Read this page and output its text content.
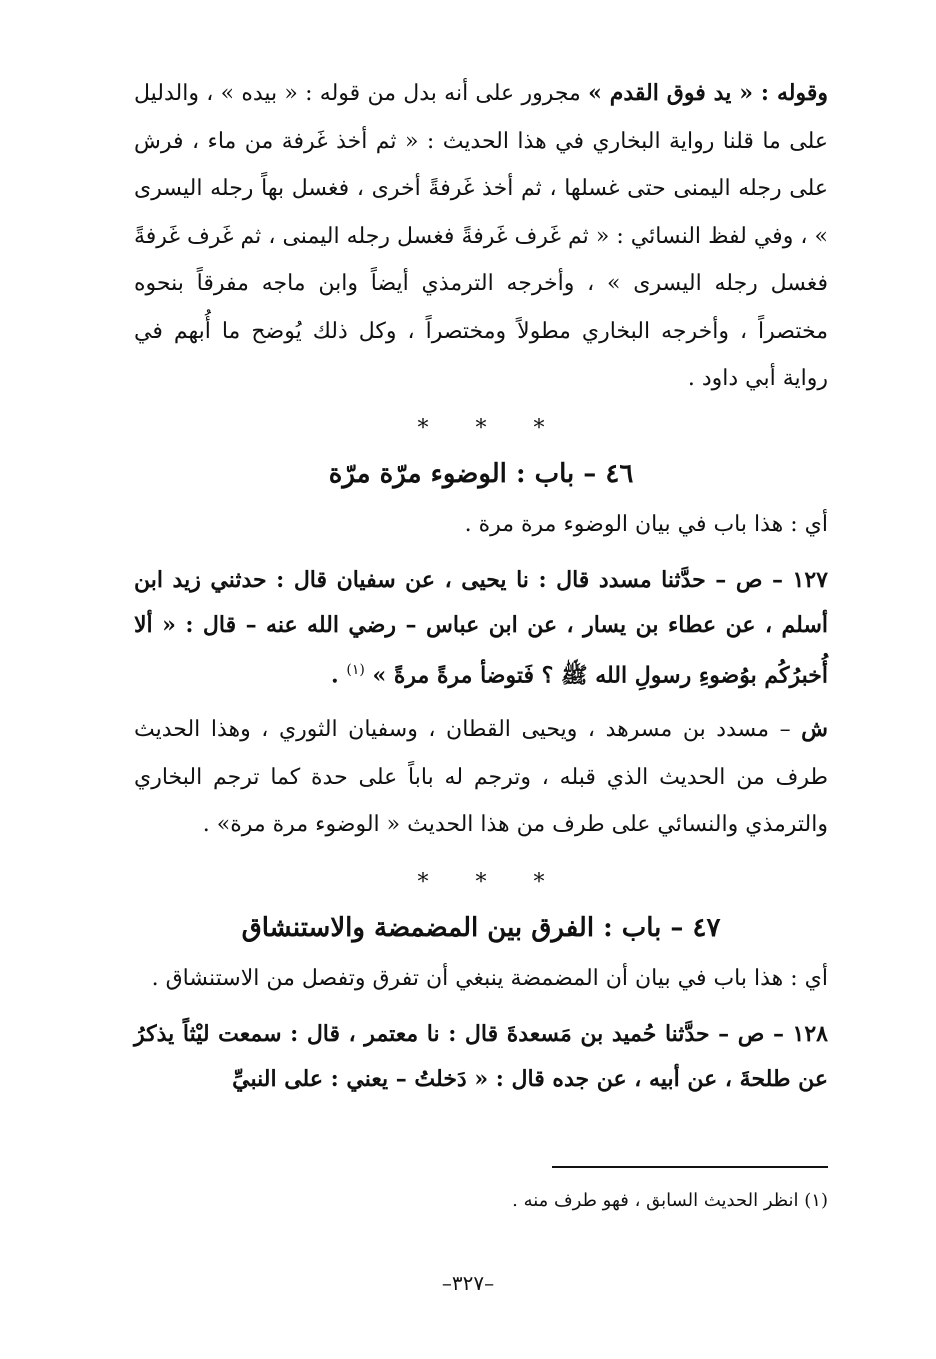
وقوله : « يد فوق القدم » مجرور على أنه بدل من قوله : « بيده » ، والدليل على ما قلنا رواية البخاري في هذا الحديث : « ثم أخذ غَرفة من ماء ، فرش على رجله اليمنى حتى غسلها ، ثم أخذ غَرفةً أخرى ، فغسل بهاً رجله اليسرى » ، وفي لفظ النسائي : « ثم غَرف غَرفةً فغسل رجله اليمنى ، ثم غَرف غَرفةً فغسل رجله اليسرى » ، وأخرجه الترمذي أيضاً وابن ماجه مفرقاً بنحوه مختصراً ، وأخرجه البخاري مطولاً ومختصراً ، وكل ذلك يُوضح ما أُبهم في رواية أبي داود .

* * *
٤٦ – باب : الوضوء مرّة مرّة

أي : هذا باب في بيان الوضوء مرة مرة .

١٢٧ – ص – حدَّثنا مسدد قال : نا يحيى ، عن سفيان قال : حدثني زيد ابن أسلم ، عن عطاء بن يسار ، عن ابن عباس – رضي الله عنه – قال : « ألا أُخبرُكُم بوُضوءِ رسولِ الله ﷺ ؟ فَتوضأ مرةً مرةً » $^{(١)}$ .

ش – مسدد بن مسرهد ، ويحيى القطان ، وسفيان الثوري ، وهذا الحديث طرف من الحديث الذي قبله ، وترجم له باباً على حدة كما ترجم البخاري والترمذي والنسائي على طرف من هذا الحديث « الوضوء مرة مرة» .

* * *
٤٧ – باب : الفرق بين المضمضة والاستنشاق

أي : هذا باب في بيان أن المضمضة ينبغي أن تفرق وتفصل من الاستنشاق .

١٢٨ – ص – حدَّثنا حُميد بن مَسعدةَ قال : نا معتمر ، قال : سمعت ليْثاً يذكرُ عن طلحةَ ، عن أبيه ، عن جده قال : « دَخلتُ – يعني : على النبيِّ

(١) انظر الحديث السابق ، فهو طرف منه .

–٣٢٧–
